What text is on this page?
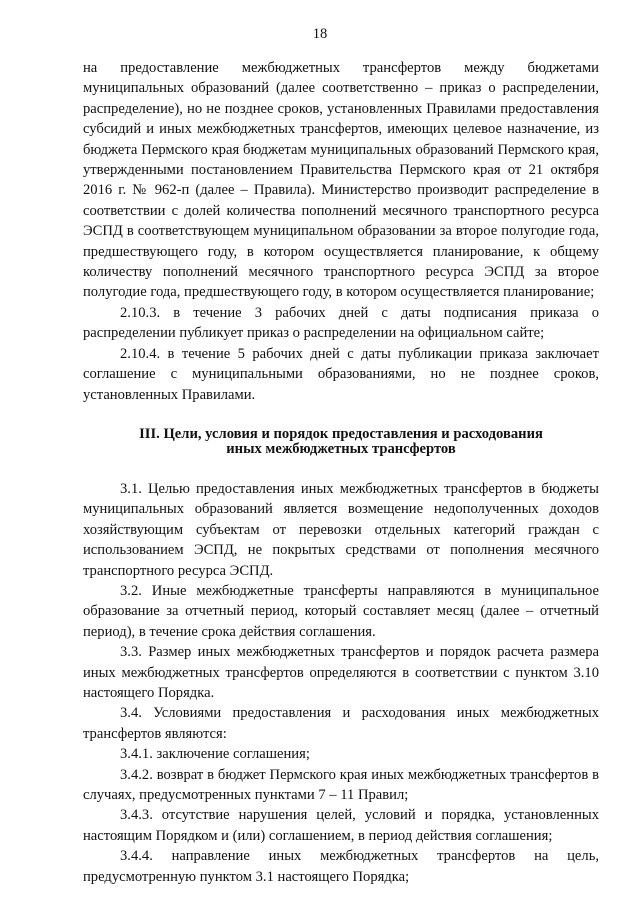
18

на предоставление межбюджетных трансфертов между бюджетами муниципальных образований (далее соответственно – приказ о распределении, распределение), но не позднее сроков, установленных Правилами предоставления субсидий и иных межбюджетных трансфертов, имеющих целевое назначение, из бюджета Пермского края бюджетам муниципальных образований Пермского края, утвержденными постановлением Правительства Пермского края от 21 октября 2016 г. № 962-п (далее – Правила). Министерство производит распределение в соответствии с долей количества пополнений месячного транспортного ресурса ЭСПД в соответствующем муниципальном образовании за второе полугодие года, предшествующего году, в котором осуществляется планирование, к общему количеству пополнений месячного транспортного ресурса ЭСПД за второе полугодие года, предшествующего году, в котором осуществляется планирование;

2.10.3. в течение 3 рабочих дней с даты подписания приказа о распределении публикует приказ о распределении на официальном сайте;

2.10.4. в течение 5 рабочих дней с даты публикации приказа заключает соглашение с муниципальными образованиями, но не позднее сроков, установленных Правилами.

III. Цели, условия и порядок предоставления и расходования
иных межбюджетных трансфертов

3.1. Целью предоставления иных межбюджетных трансфертов в бюджеты муниципальных образований является возмещение недополученных доходов хозяйствующим субъектам от перевозки отдельных категорий граждан с использованием ЭСПД, не покрытых средствами от пополнения месячного транспортного ресурса ЭСПД.

3.2. Иные межбюджетные трансферты направляются в муниципальное образование за отчетный период, который составляет месяц (далее – отчетный период), в течение срока действия соглашения.

3.3. Размер иных межбюджетных трансфертов и порядок расчета размера иных межбюджетных трансфертов определяются в соответствии с пунктом 3.10 настоящего Порядка.

3.4. Условиями предоставления и расходования иных межбюджетных трансфертов являются:

3.4.1. заключение соглашения;

3.4.2. возврат в бюджет Пермского края иных межбюджетных трансфертов в случаях, предусмотренных пунктами 7 – 11 Правил;

3.4.3. отсутствие нарушения целей, условий и порядка, установленных настоящим Порядком и (или) соглашением, в период действия соглашения;

3.4.4. направление иных межбюджетных трансфертов на цель, предусмотренную пунктом 3.1 настоящего Порядка;
